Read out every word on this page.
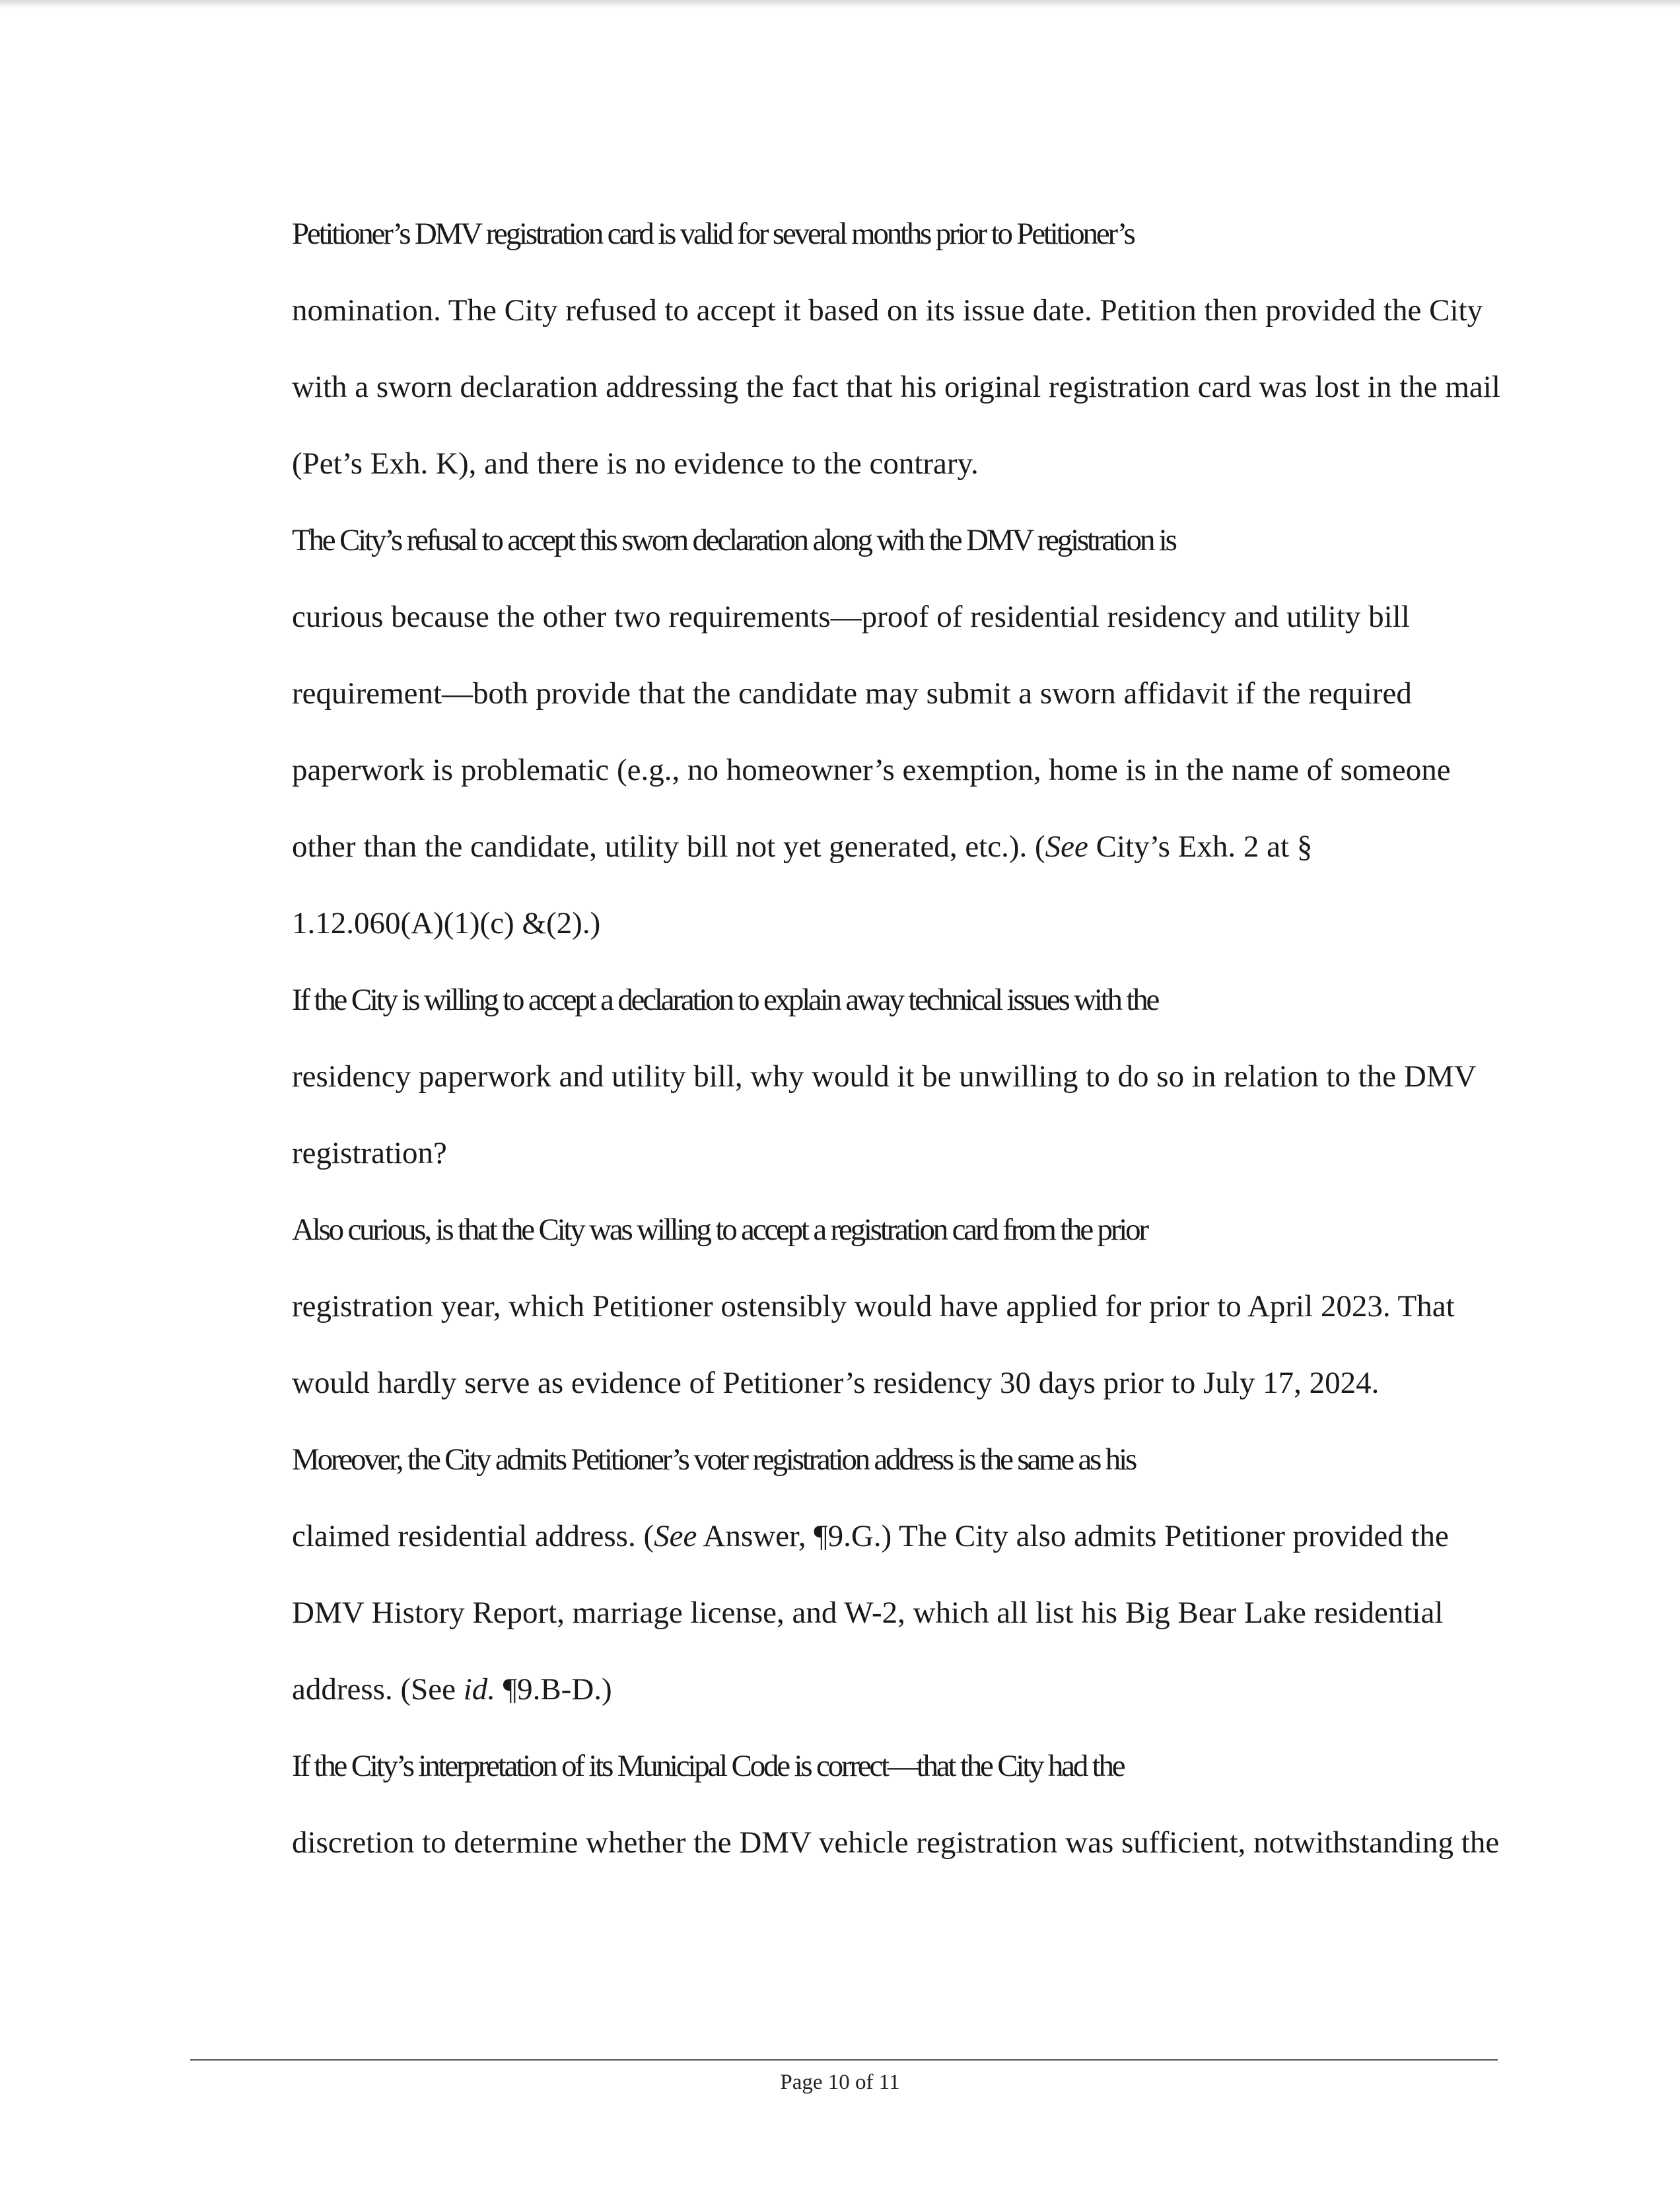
Petitioner’s DMV registration card is valid for several months prior to Petitioner’s
nomination. The City refused to accept it based on its issue date. Petition then provided the City
with a sworn declaration addressing the fact that his original registration card was lost in the mail
(Pet’s Exh. K), and there is no evidence to the contrary.

The City’s refusal to accept this sworn declaration along with the DMV registration is
curious because the other two requirements—proof of residential residency and utility bill
requirement—both provide that the candidate may submit a sworn affidavit if the required
paperwork is problematic (e.g., no homeowner’s exemption, home is in the name of someone
other than the candidate, utility bill not yet generated, etc.). (See City’s Exh. 2 at §
1.12.060(A)(1)(c) &(2).)

If the City is willing to accept a declaration to explain away technical issues with the
residency paperwork and utility bill, why would it be unwilling to do so in relation to the DMV
registration?

Also curious, is that the City was willing to accept a registration card from the prior
registration year, which Petitioner ostensibly would have applied for prior to April 2023. That
would hardly serve as evidence of Petitioner’s residency 30 days prior to July 17, 2024.

Moreover, the City admits Petitioner’s voter registration address is the same as his
claimed residential address. (See Answer, ¶9.G.) The City also admits Petitioner provided the
DMV History Report, marriage license, and W-2, which all list his Big Bear Lake residential
address. (See id. ¶9.B-D.)

If the City’s interpretation of its Municipal Code is correct—that the City had the
discretion to determine whether the DMV vehicle registration was sufficient, notwithstanding the

Page 10 of 11
